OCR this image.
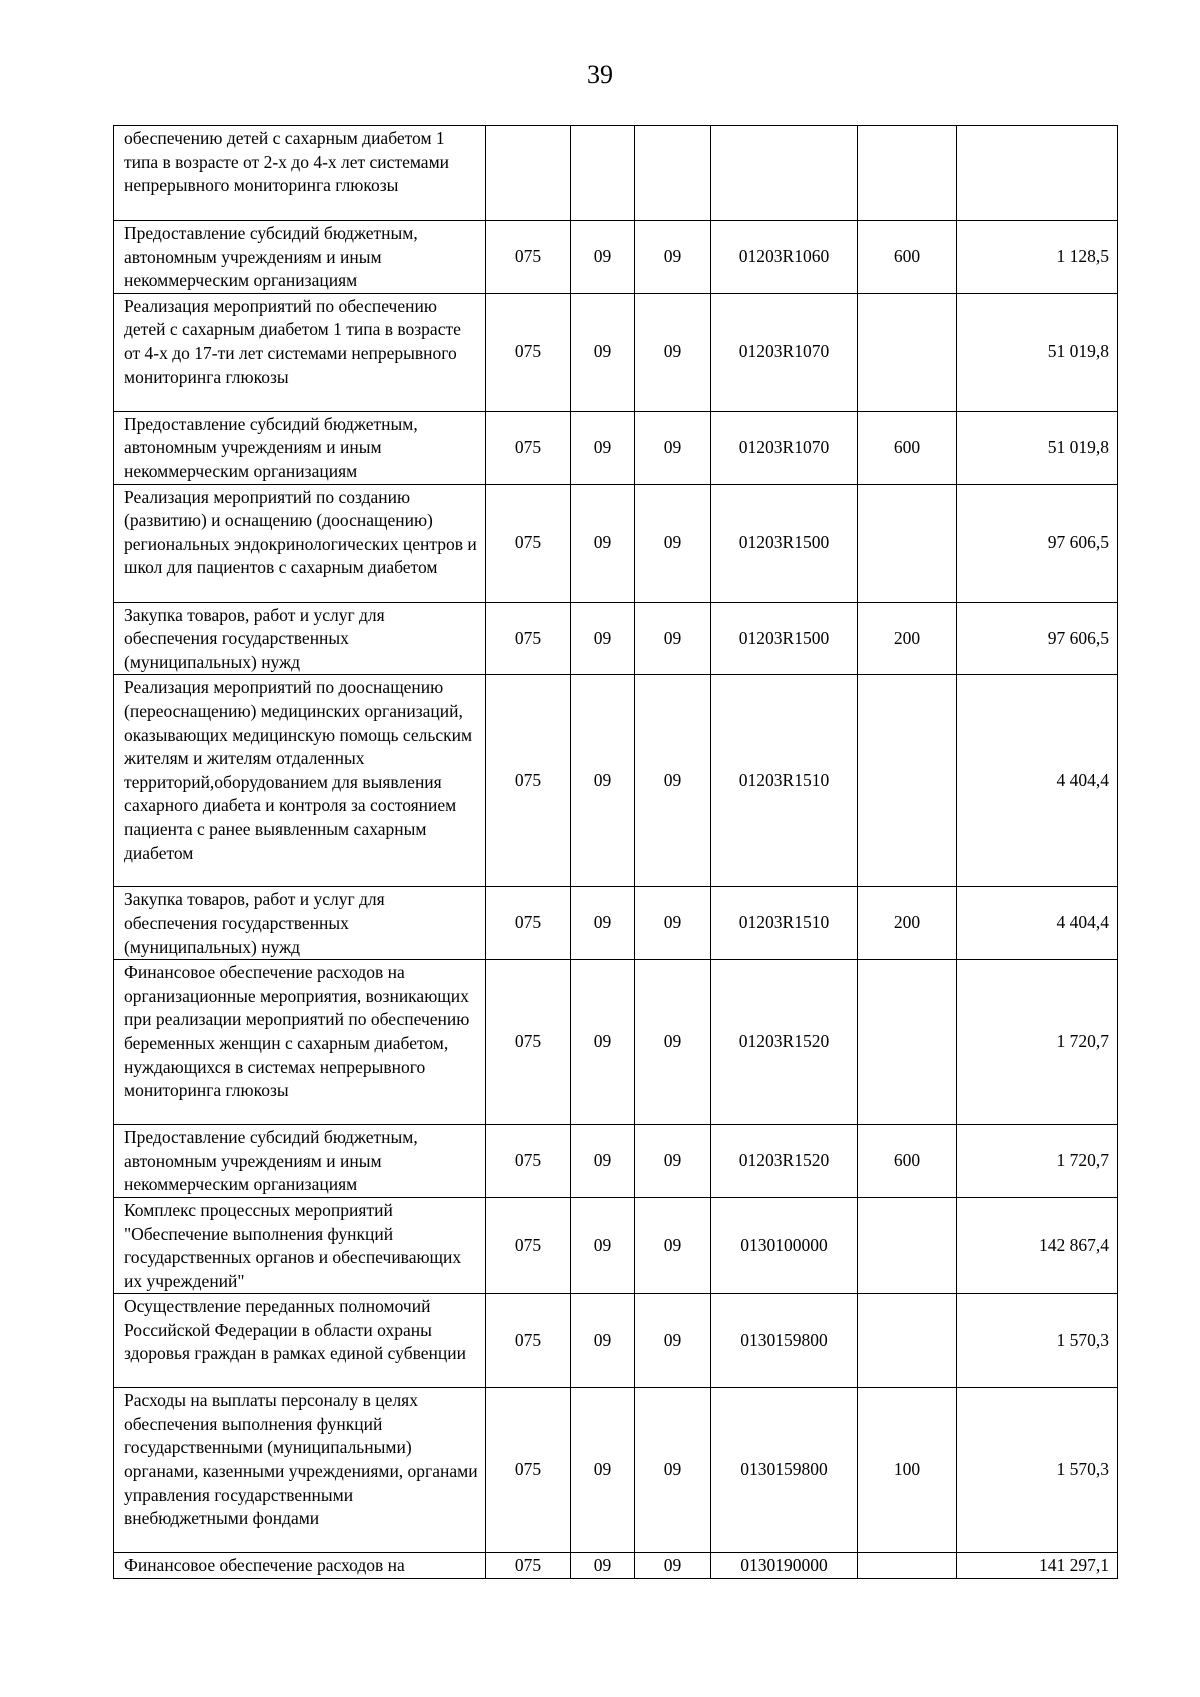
39
обеспечению детей с сахарным диабетом 1 типа в возрасте от 2-х до 4-х лет системами непрерывного мониторинга глюкозы						
Предоставление субсидий бюджетным, автономным учреждениям и иным некоммерческим организациям	075	09	09	01203R1060	600	1 128,5
Реализация мероприятий по обеспечению детей с сахарным диабетом 1 типа в возрасте от 4-х до 17-ти лет системами непрерывного мониторинга глюкозы	075	09	09	01203R1070		51 019,8
Предоставление субсидий бюджетным, автономным учреждениям и иным некоммерческим организациям	075	09	09	01203R1070	600	51 019,8
Реализация мероприятий по созданию (развитию) и оснащению (дооснащению) региональных эндокринологических центров и школ для пациентов с сахарным диабетом	075	09	09	01203R1500		97 606,5
Закупка товаров, работ и услуг для обеспечения государственных (муниципальных) нужд	075	09	09	01203R1500	200	97 606,5
Реализация мероприятий по дооснащению (переоснащению) медицинских организаций, оказывающих медицинскую помощь сельским жителям и жителям отдаленных территорий,оборудованием для выявления сахарного диабета и контроля за состоянием пациента с ранее выявленным сахарным диабетом	075	09	09	01203R1510		4 404,4
Закупка товаров, работ и услуг для обеспечения государственных (муниципальных) нужд	075	09	09	01203R1510	200	4 404,4
Финансовое обеспечение расходов на организационные мероприятия, возникающих при реализации мероприятий по обеспечению беременных женщин с сахарным диабетом, нуждающихся в системах непрерывного мониторинга глюкозы	075	09	09	01203R1520		1 720,7
Предоставление субсидий бюджетным, автономным учреждениям и иным некоммерческим организациям	075	09	09	01203R1520	600	1 720,7
Комплекс процессных мероприятий "Обеспечение выполнения функций государственных органов и обеспечивающих их учреждений"	075	09	09	0130100000		142 867,4
Осуществление переданных полномочий Российской Федерации в области охраны здоровья граждан в рамках единой субвенции	075	09	09	0130159800		1 570,3
Расходы на выплаты персоналу в целях обеспечения выполнения функций государственными (муниципальными) органами, казенными учреждениями, органами управления государственными внебюджетными фондами	075	09	09	0130159800	100	1 570,3
Финансовое обеспечение расходов на	075	09	09	0130190000		141 297,1
